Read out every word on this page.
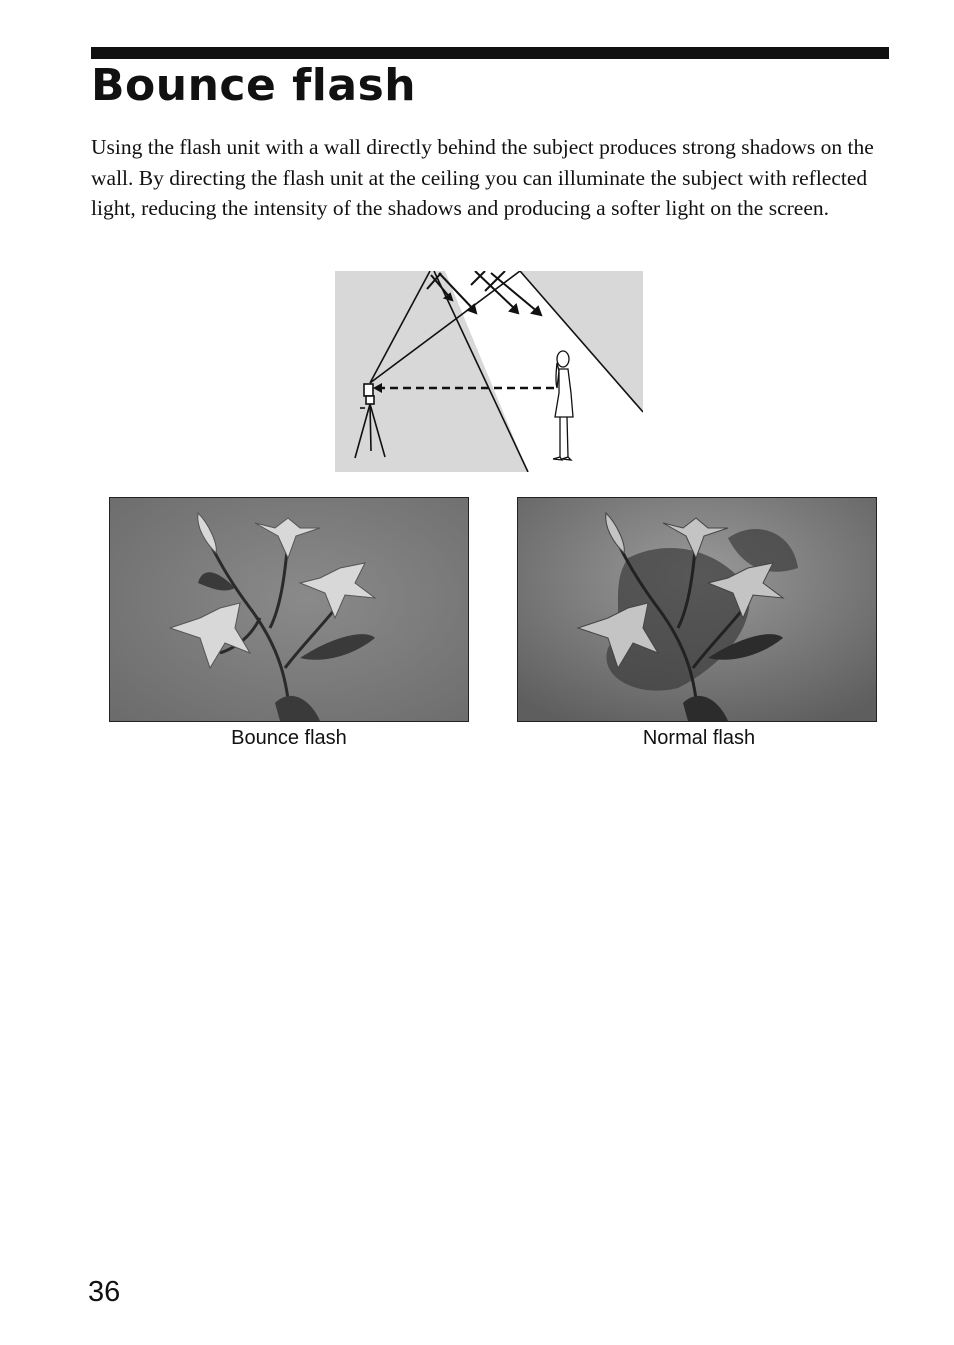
Bounce flash

Using the flash unit with a wall directly behind the subject produces strong shadows on the wall. By directing the flash unit at the ceiling you can illuminate the subject with reflected light, reducing the intensity of the shadows and producing a softer light on the screen.

Bounce flash	Normal flash
36
